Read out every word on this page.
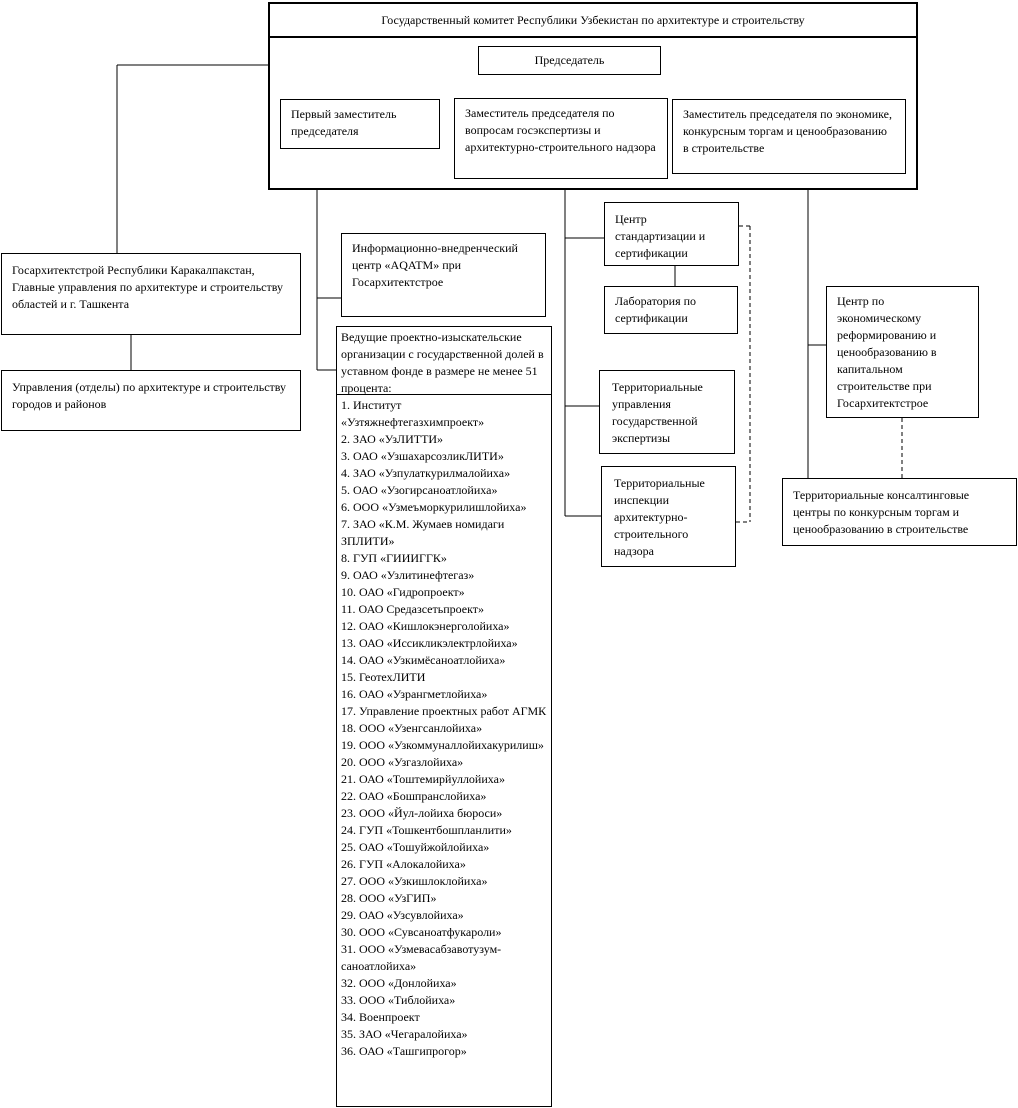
Государственный комитет Республики Узбекистан по архитектуре и строительству
Председатель
Первый заместитель председателя
Заместитель председателя по вопросам госэкспертизы и архитектурно-строительного надзора
Заместитель председателя по экономике, конкурсным торгам и ценообразованию в строительстве
Госархитектстрой Республики Каракалпакстан, Главные управления по архитектуре и строительству областей и г. Ташкента
Управления (отделы) по архитектуре и строительству городов и районов
Информационно-внедренческий центр «AQATM» при Госархитектстрое
Ведущие проектно-изыскательские организации с государственной долей в уставном фонде в размере не менее 51 процента:
1. Институт «Узтяжнефтегазхимпроект»
2. ЗАО «УзЛИТТИ»
3. ОАО «УзшахарсозликЛИТИ»
4. ЗАО «Узпулаткурилмалойиха»
5. ОАО «Узогирсаноатлойиха»
6. ООО «Узмеъморкурилишлойиха»
7. ЗАО «К.М. Жумаев номидаги ЗПЛИТИ»
8. ГУП «ГИИИГГК»
9. ОАО «Узлитинефтегаз»
10. ОАО «Гидропроект»
11. ОАО Средазсетьпроект»
12. ОАО «Кишлокэнерголойиха»
13. ОАО «Иссикликэлектрлойиха»
14. ОАО «Узкимёсаноатлойиха»
15. ГеотехЛИТИ
16. ОАО «Узрангметлойиха»
17. Управление проектных работ АГМК
18. ООО «Узенгсанлойиха»
19. ООО «Узкоммуналлойихакурилиш»
20. ООО «Узгазлойиха»
21. ОАО «Тоштемирйуллойиха»
22. ОАО «Бошпранслойиха»
23. ООО «Йул-лойиха бюроси»
24. ГУП «Тошкентбошпланлити»
25. ОАО «Тошуйжойлойиха»
26. ГУП «Алокалойиха»
27. ООО «Узкишлоклойиха»
28. ООО «УзГИП»
29. ОАО «Узсувлойиха»
30. ООО «Сувсаноатфукароли»
31. ООО «Узмевасабзавотузум-саноатлойиха»
32. ООО «Донлойиха»
33. ООО «Тиблойиха»
34. Военпроект
35. ЗАО «Чегаралойиха»
36. ОАО «Ташгипрогор»
Центр стандартизации и сертификации
Лаборатория по сертификации
Территориальные управления государственной экспертизы
Территориальные инспекции архитектурно-строительного надзора
Центр по экономическому реформированию и ценообразованию в капитальном строительстве при Госархитектстрое
Территориальные консалтинговые центры по конкурсным торгам и ценообразованию в строительстве
